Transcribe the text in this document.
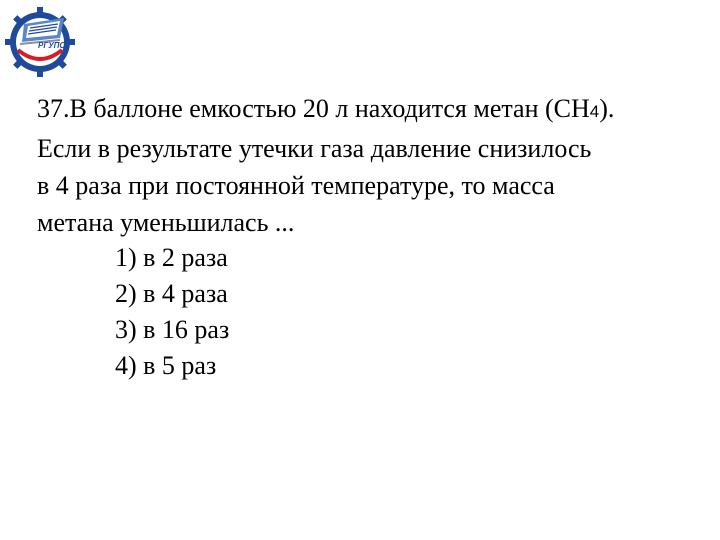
РГУПС
37.В баллоне емкостью 20 л находится метан (CH4).
Если в результате утечки газа давление снизилось
в 4 раза при постоянной температуре, то масса
метана уменьшилась ...
1) в 2 раза
2) в 4 раза
3) в 16 раз
4) в 5 раз
